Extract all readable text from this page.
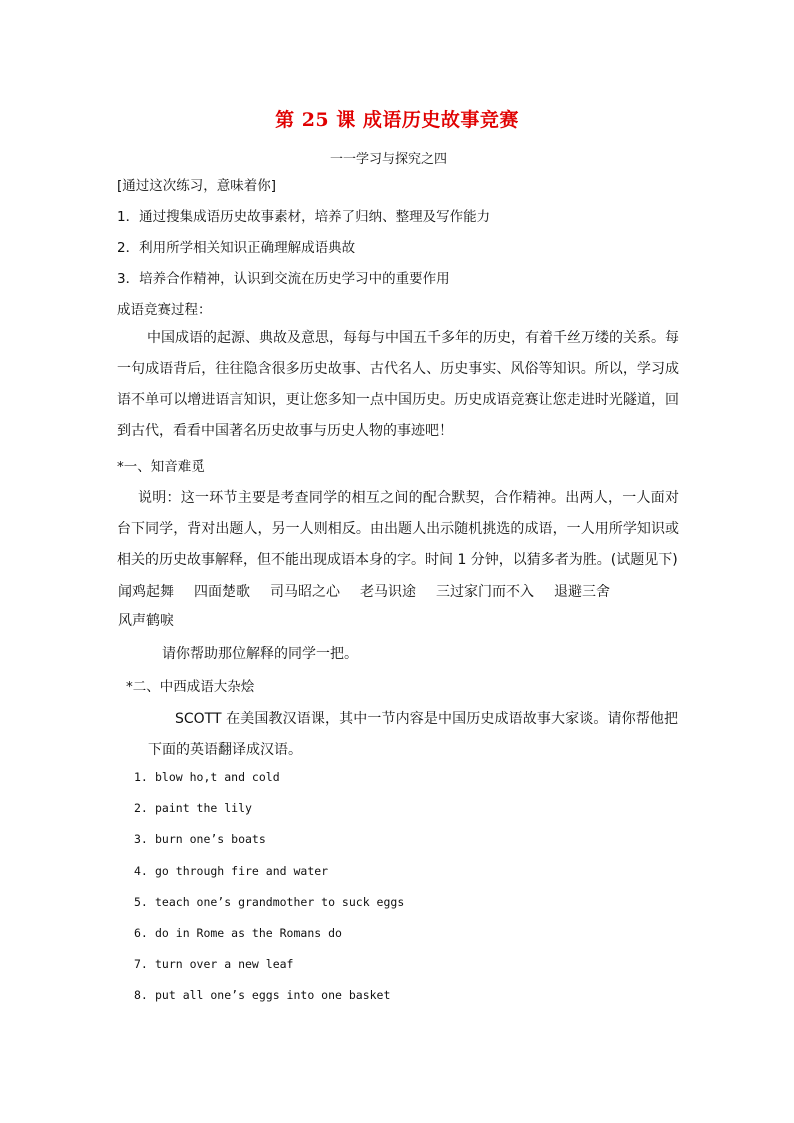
第 25 课 成语历史故事竞赛
一一学习与探究之四
[通过这次练习，意味着你]
1．通过搜集成语历史故事素材，培养了归纳、整理及写作能力
2．利用所学相关知识正确理解成语典故
3．培养合作精神，认识到交流在历史学习中的重要作用
成语竞赛过程：
中国成语的起源、典故及意思，每每与中国五千多年的历史，有着千丝万缕的关系。每一句成语背后，往往隐含很多历史故事、古代名人、历史事实、风俗等知识。所以，学习成语不单可以增进语言知识，更让您多知一点中国历史。历史成语竞赛让您走进时光隧道，回到古代，看看中国著名历史故事与历史人物的事迹吧！
*一、知音难觅
说明：这一环节主要是考查同学的相互之间的配合默契，合作精神。出两人，一人面对台下同学，背对出题人，另一人则相反。由出题人出示随机挑选的成语，一人用所学知识或相关的历史故事解释，但不能出现成语本身的字。时间 1 分钟，以猜多者为胜。(试题见下)
闻鸡起舞 四面楚歌 司马昭之心 老马识途 三过家门而不入 退避三舍风声鹤唳
请你帮助那位解释的同学一把。
*二、中西成语大杂烩
SCOTT 在美国教汉语课，其中一节内容是中国历史成语故事大家谈。请你帮他把下面的英语翻译成汉语。
1. blow ho,t and cold
2. paint the lily
3. burn one’s boats
4. go through fire and water
5. teach one’s grandmother to suck eggs
6. do in Rome as the Romans do
7. turn over a new leaf
8. put all one’s eggs into one basket
